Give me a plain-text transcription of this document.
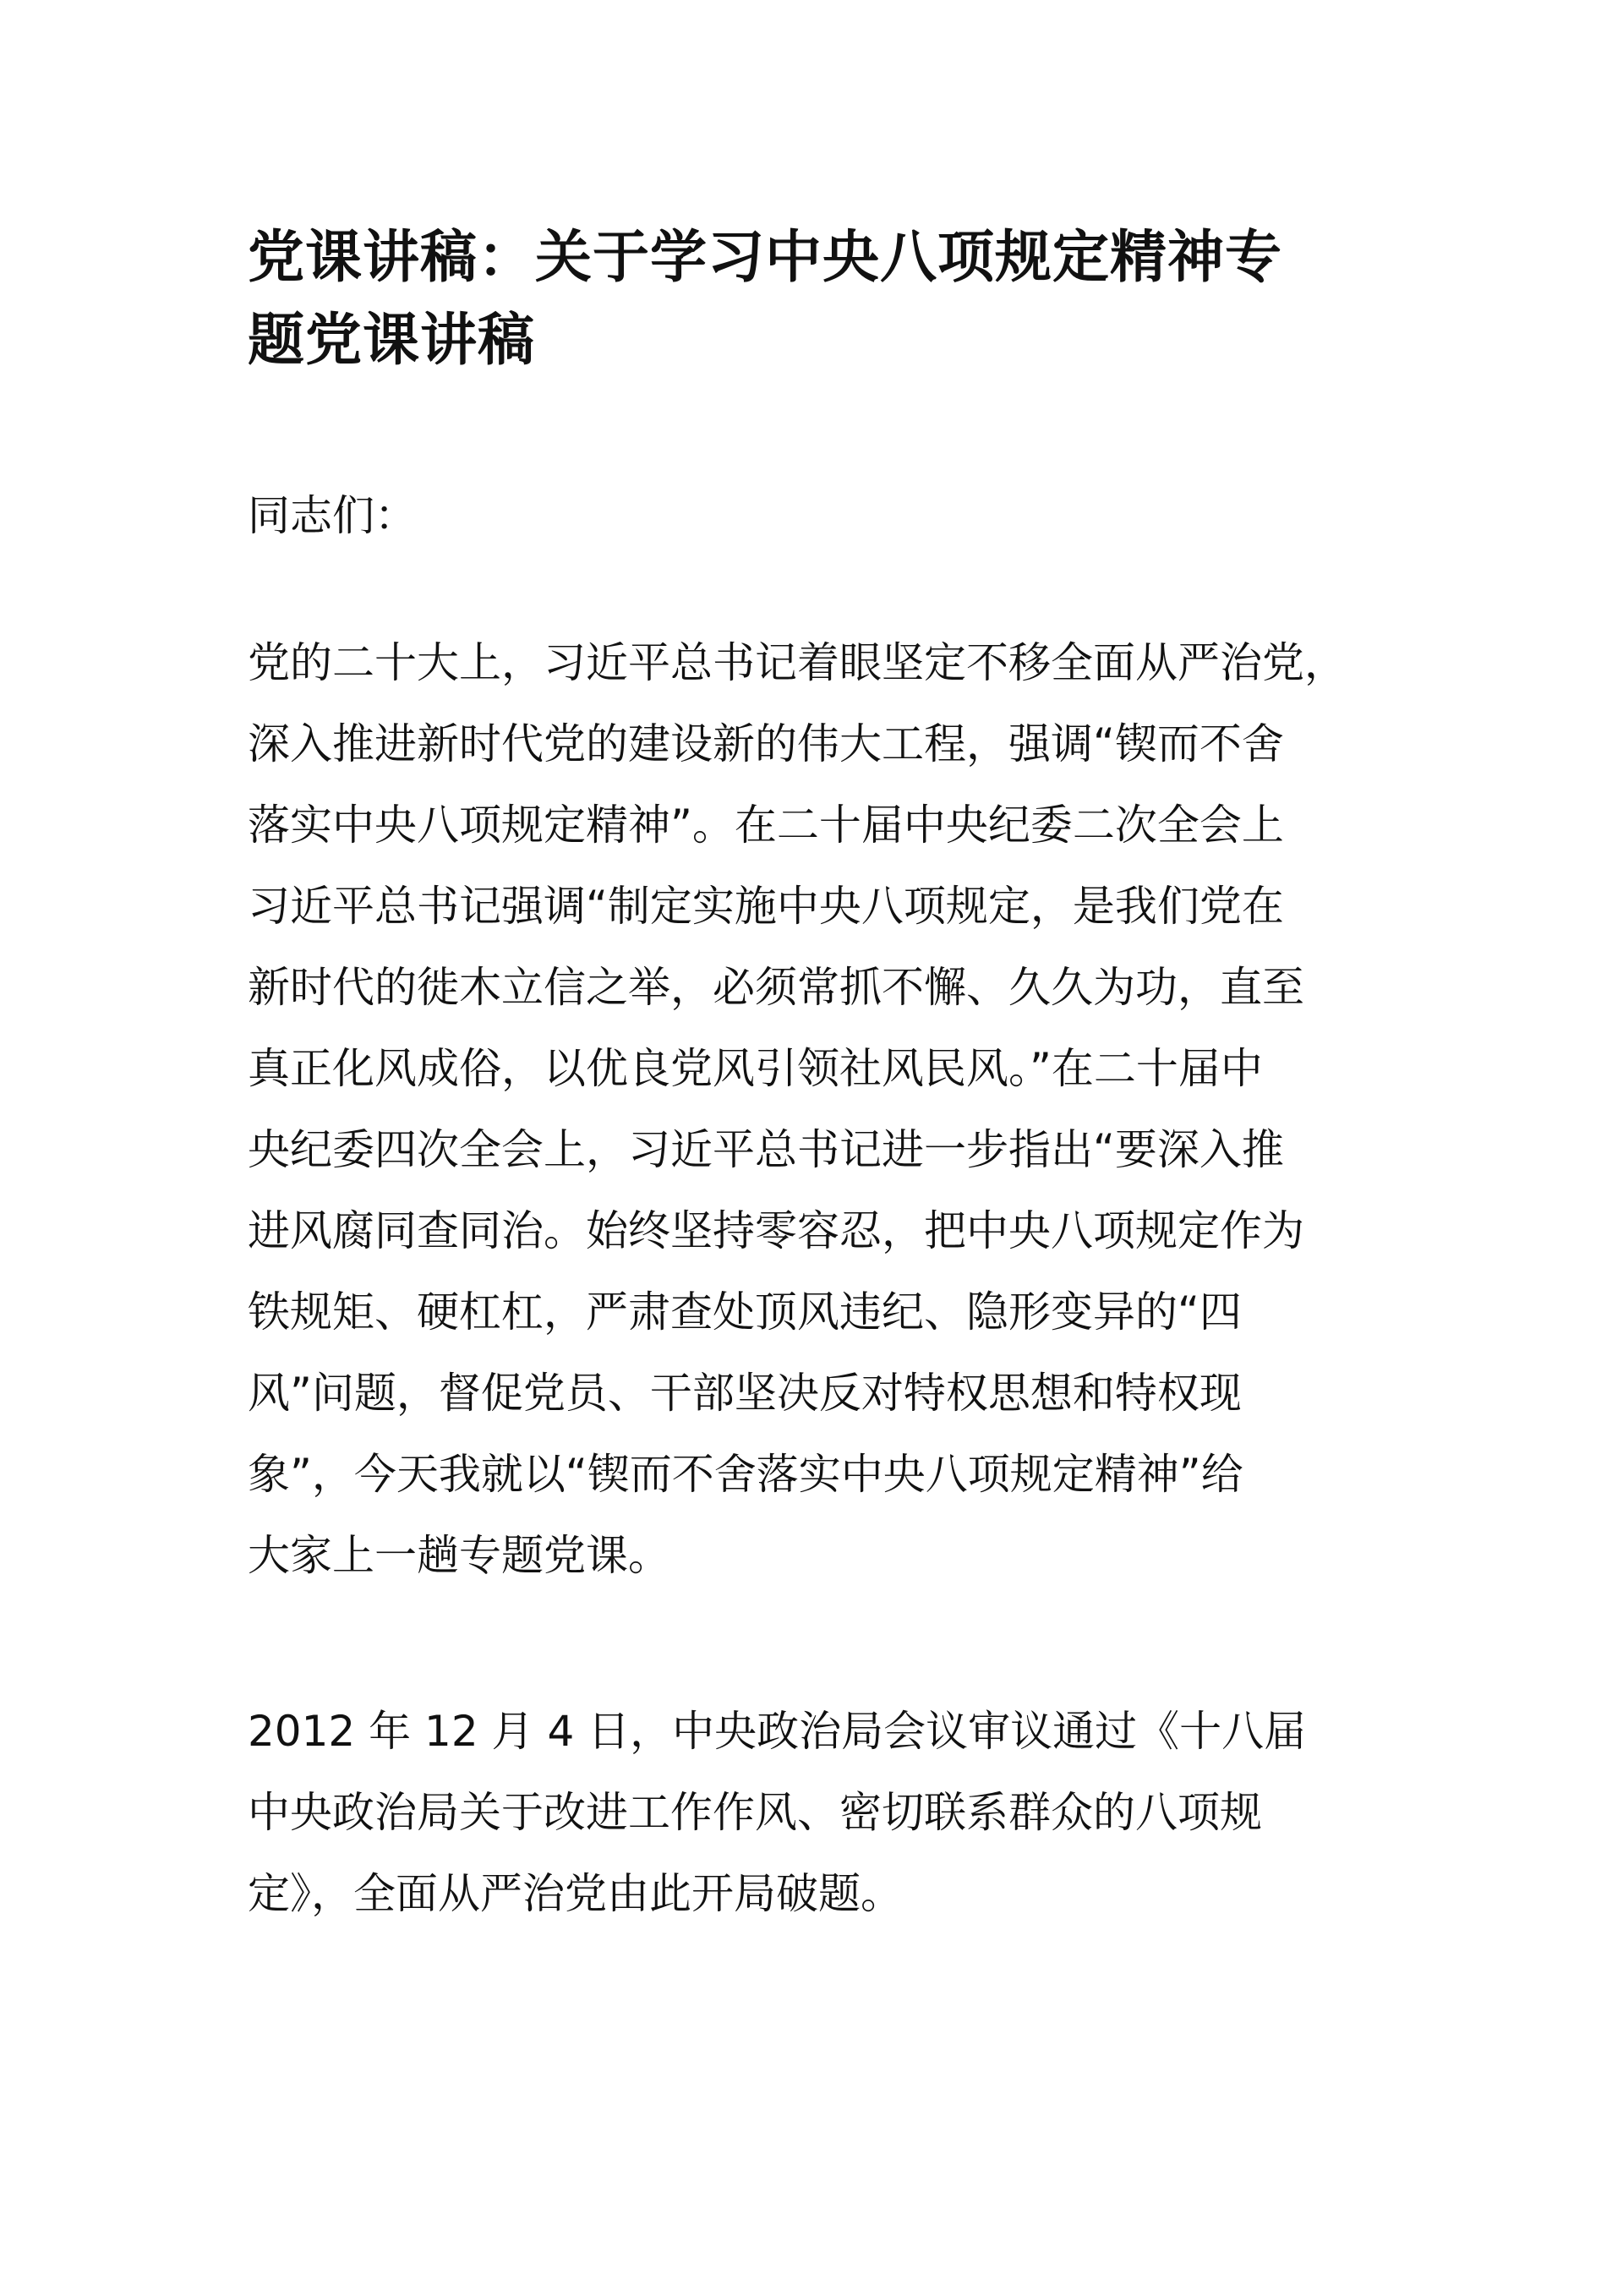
党课讲稿：关于学习中央八项规定精神专
题党课讲稿

同志们：

党的二十大上，习近平总书记着眼坚定不移全面从严治党，
深入推进新时代党的建设新的伟大工程，强调“锲而不舍
落实中央八项规定精神”。在二十届中央纪委二次全会上
习近平总书记强调“制定实施中央八项规定，是我们党在
新时代的徙木立信之举，必须常抓不懈、久久为功，直至
真正化风成俗，以优良党风引领社风民风。”在二十届中
央纪委四次全会上，习近平总书记进一步指出“要深入推
进风腐同查同治。始终坚持零容忍，把中央八项规定作为
铁规矩、硬杠杠，严肃查处顶风违纪、隐形变异的“四
风”问题，督促党员、干部坚决反对特权思想和特权现
象”，今天我就以“锲而不舍落实中央八项规定精神”给
大家上一趟专题党课。

2012 年 12 月 4 日，中央政治局会议审议通过《十八届
中央政治局关于改进工作作风、密切联系群众的八项规
定》，全面从严治党由此开局破题。
